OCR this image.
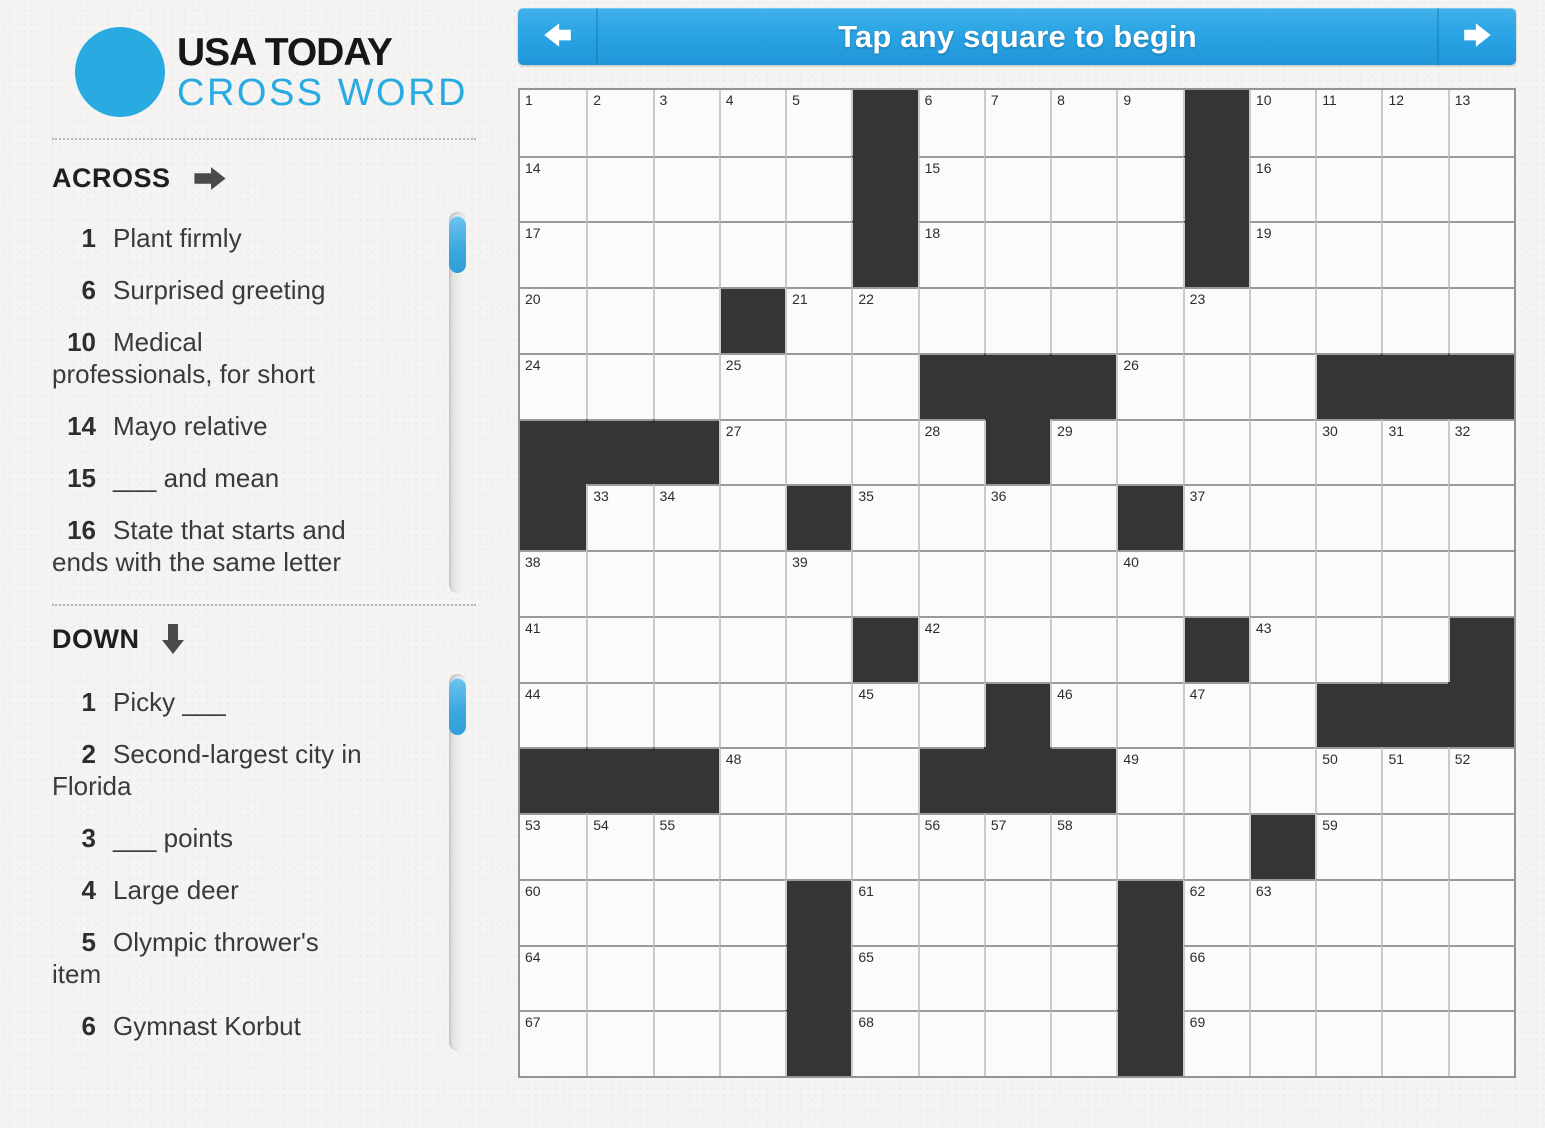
USA TODAY CROSS WORD
ACROSS
1 Plant firmly
6 Surprised greeting
10 Medical professionals, for short
14 Mayo relative
15 ___ and mean
16 State that starts and ends with the same letter
DOWN
1 Picky ___
2 Second-largest city in Florida
3 ___ points
4 Large deer
5 Olympic thrower's item
6 Gymnast Korbut
Tap any square to begin
1	2	3	4	5	6	7	8	9	10	11	12	13
14	15	16
17	18	19
20	21	22	23
24	25	26
27	28	29	30	31	32
33	34	35	36	37
38	39	40
41	42	43
44	45	46	47
48	49	50	51	52
53	54	55	56	57	58	59
60	61	62	63
64	65	66
67	68	69
